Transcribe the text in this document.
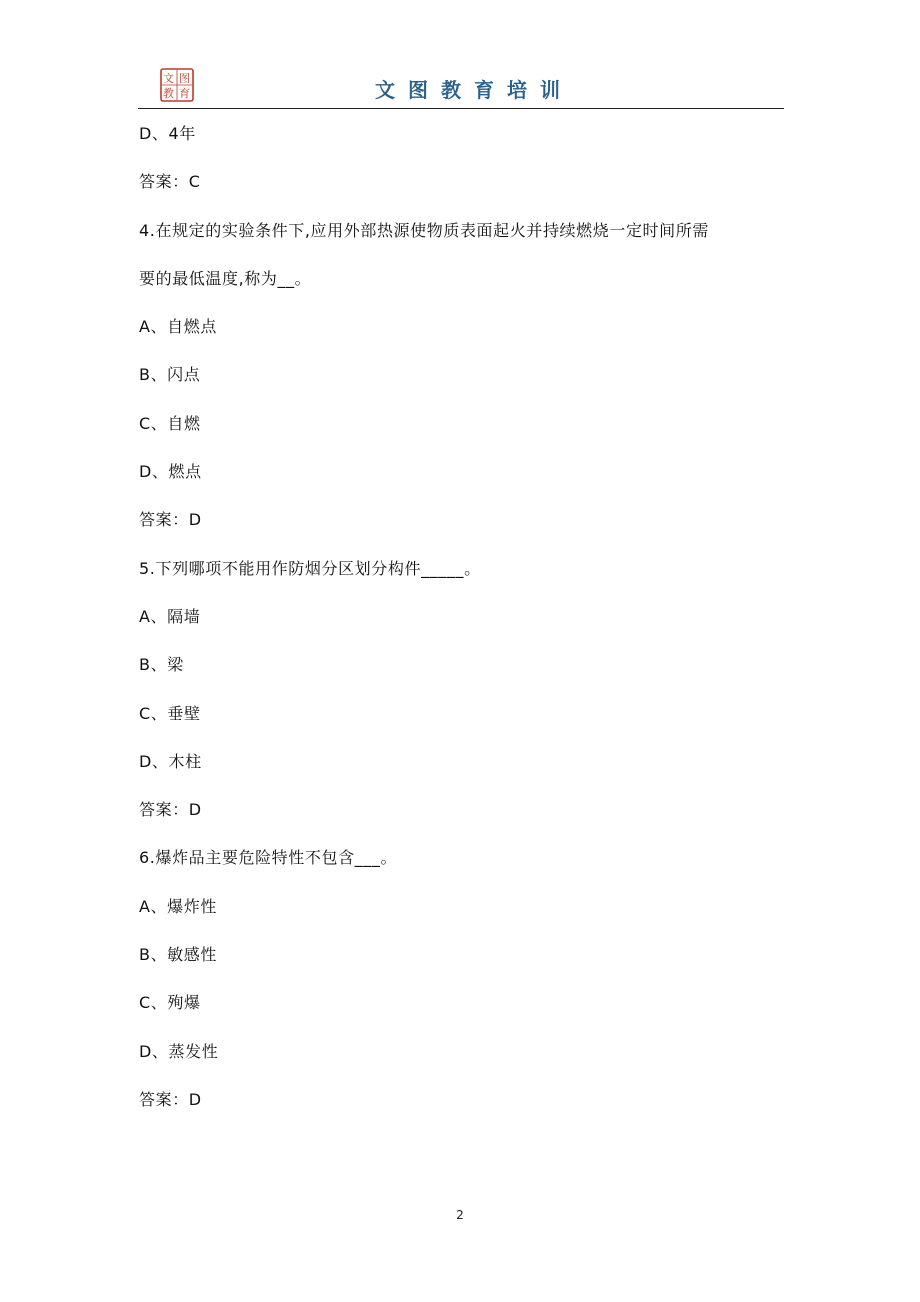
图
文
教 育	文图教育培训
D、4年
答案：C
4.在规定的实验条件下,应用外部热源使物质表面起火并持续燃烧一定时间所需
要的最低温度,称为__。
A、自燃点
B、闪点
C、自燃
D、燃点
答案：D
5.下列哪项不能用作防烟分区划分构件_____。
A、隔墙
B、梁
C、垂壁
D、木柱
答案：D
6.爆炸品主要危险特性不包含___。
A、爆炸性
B、敏感性
C、殉爆
D、蒸发性
答案：D
2
